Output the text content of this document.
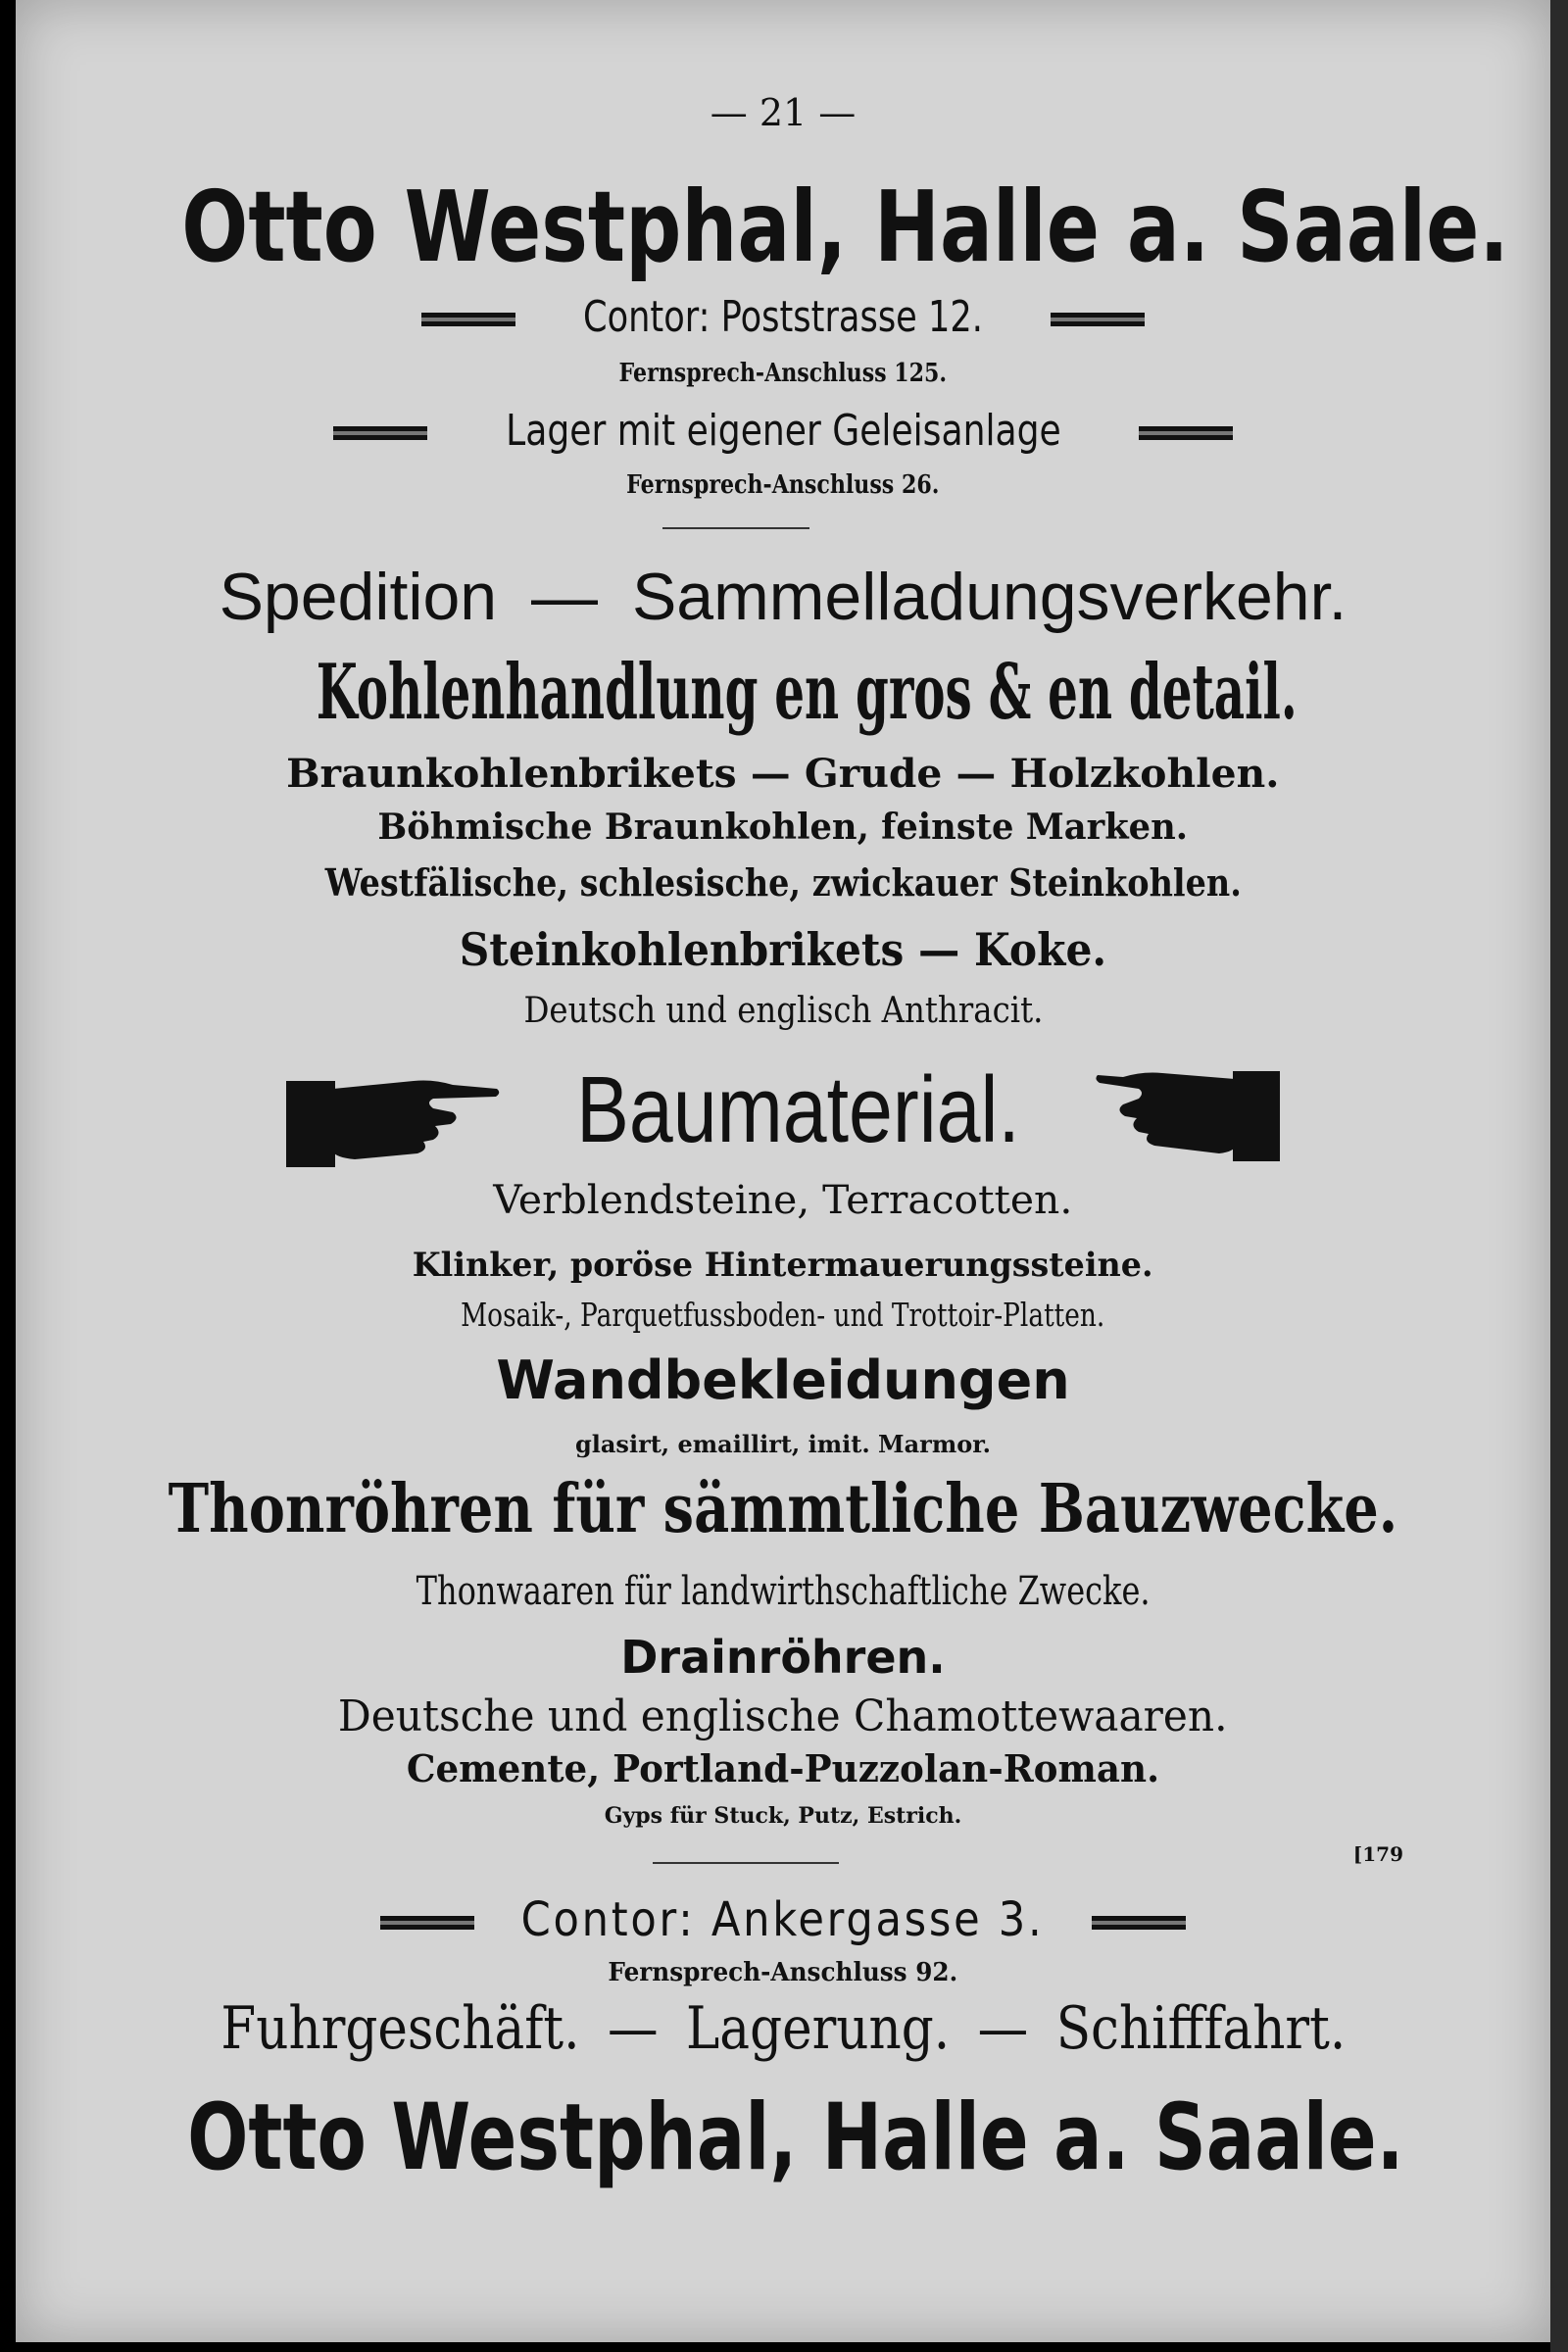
— 21 —
Otto Westphal, Halle a. Saale.
Contor: Poststrasse 12.
Fernsprech-Anschluss 125.
Lager mit eigener Geleisanlage
Fernsprech-Anschluss 26.
Spedition — Sammelladungsverkehr.
Kohlenhandlung en gros & en detail.
Braunkohlenbrikets — Grude — Holzkohlen.
Böhmische Braunkohlen, feinste Marken.
Westfälische, schlesische, zwickauer Steinkohlen.
Steinkohlenbrikets — Koke.
Deutsch und englisch Anthracit.
Baumaterial.
Verblendsteine, Terracotten.
Klinker, poröse Hintermauerungssteine.
Mosaik-, Parquetfussboden- und Trottoir-Platten.
Wandbekleidungen
glasirt, emaillirt, imit. Marmor.
Thonröhren für sämmtliche Bauzwecke.
Thonwaaren für landwirthschaftliche Zwecke.
Drainröhren.
Deutsche und englische Chamottewaaren.
Cemente, Portland-Puzzolan-Roman.
Gyps für Stuck, Putz, Estrich.
[179
Contor: Ankergasse 3.
Fernsprech-Anschluss 92.
Fuhrgeschäft. — Lagerung. — Schifffahrt.
Otto Westphal, Halle a. Saale.
